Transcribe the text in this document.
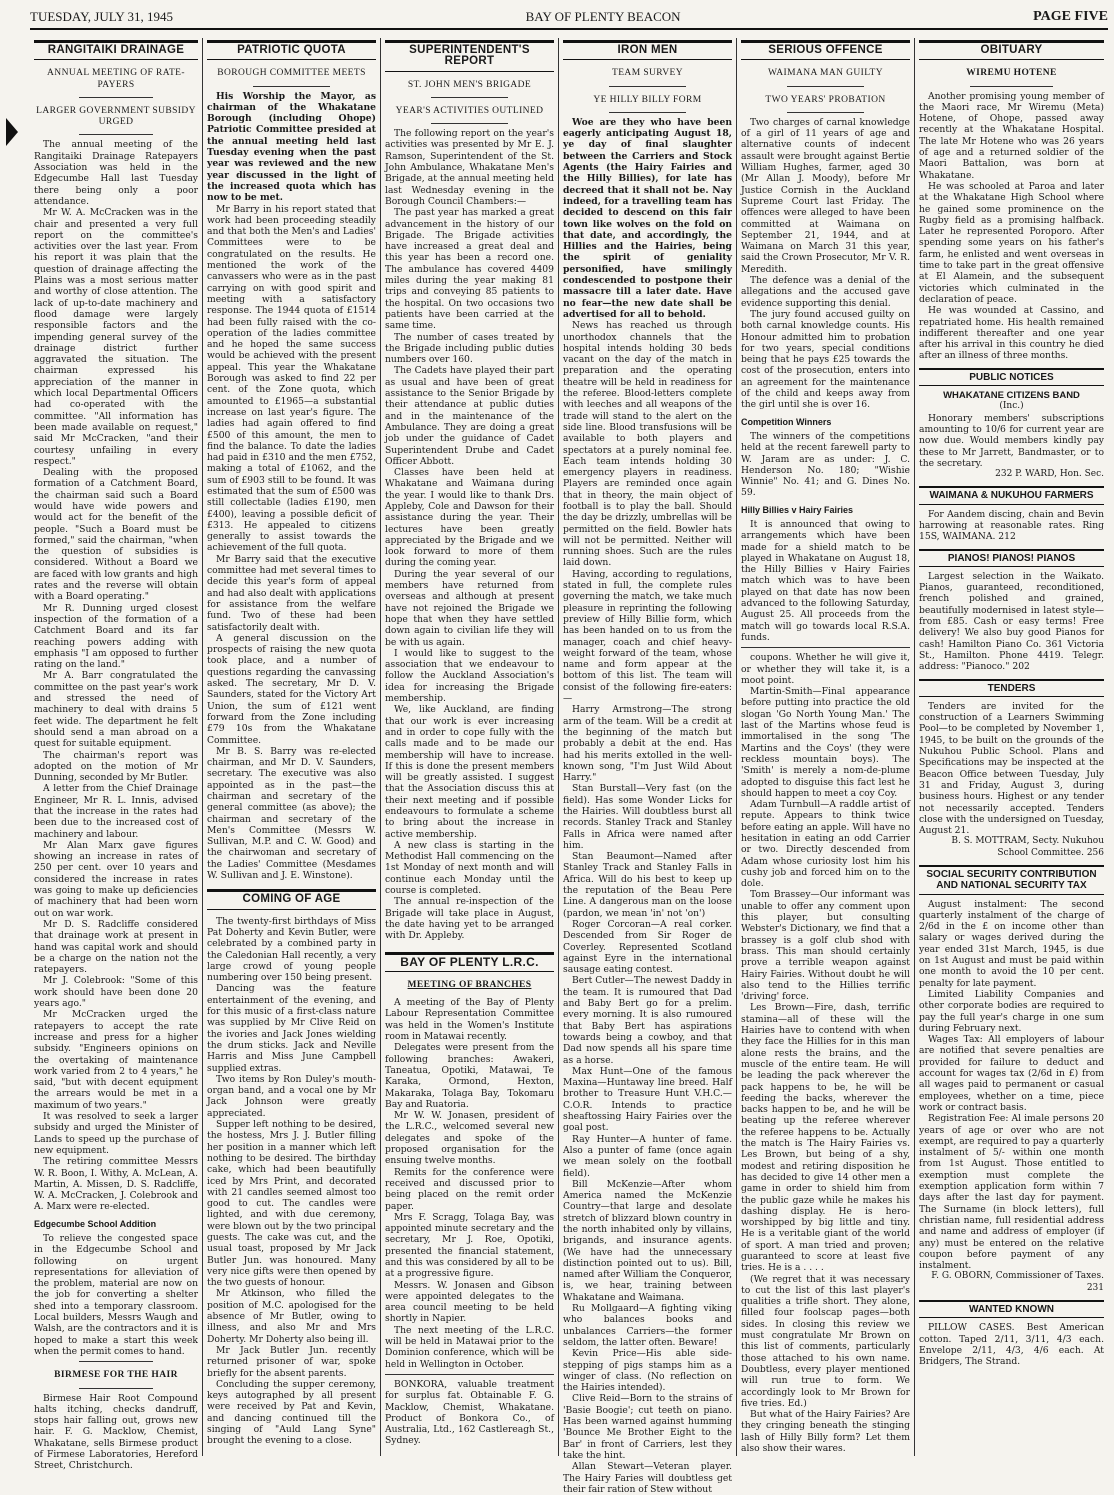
TUESDAY, JULY 31, 1945	BAY OF PLENTY BEACON	PAGE FIVE
RANGITAIKI DRAINAGE
ANNUAL MEETING OF RATE-PAYERS
LARGER GOVERNMENT SUBSIDY URGED

The annual meeting of the Rangitaiki Drainage Ratepayers Association was held in the Edgecumbe Hall last Tuesday there being only a poor attendance.

Mr W. A. McCracken was in the chair and presented a very full report on the committee's activities over the last year. From his report it was plain that the question of drainage affecting the Plains was a most serious matter and worthy of close attention. The lack of up-to-date machinery and flood damage were largely responsible factors and the impending general survey of the drainage district further aggravated the situation. The chairman expressed his appreciation of the manner in which local Departmental Officers had co-operated with the committee. "All information has been made available on request," said Mr McCracken, "and their courtesy unfailing in every respect."

Dealing with the proposed formation of a Catchment Board, the chairman said such a Board would have wide powers and would act for the benefit of the people. "Such a Board must be formed," said the chairman, "when the question of subsidies is considered. Without a Board we are faced with low grants and high rates and the reverse will obtain with a Board operating."

Mr R. Dunning urged closest inspection of the formation of a Catchment Board and its far reaching powers adding with emphasis "I am opposed to further rating on the land."

Mr A. Barr congratulated the committee on the past year's work and stressed the need of machinery to deal with drains 5 feet wide. The department he felt should send a man abroad on a quest for suitable equipment.

The chairman's report was adopted on the motion of Mr Dunning, seconded by Mr Butler.

A letter from the Chief Drainage Engineer, Mr R. L. Innis, advised that the increase in the rates had been due to the increased cost of machinery and labour.

Mr Alan Marx gave figures showing an increase in rates of 250 per cent. over 10 years and considered the increase in rates was going to make up deficiencies of machinery that had been worn out on war work.

Mr D. S. Radcliffe considered that drainage work at present in hand was capital work and should be a charge on the nation not the ratepayers.

Mr J. Colebrook: "Some of this work should have been done 20 years ago."

Mr McCracken urged the ratepayers to accept the rate increase and press for a higher subsidy. "Engineers opinions on the overtaking of maintenance work varied from 2 to 4 years," he said, "but with decent equipment the arrears would be met in a maximum of two years."

It was resolved to seek a larger subsidy and urged the Minister of Lands to speed up the purchase of new equipment.

The retiring committee Messrs W. R. Boon, I. Withy, A. McLean, A. Martin, A. Missen, D. S. Radcliffe, W. A. McCracken, J. Colebrook and A. Marx were re-elected.

Edgecumbe School Addition

To relieve the congested space in the Edgecumbe School and following on urgent representations for alleviation of the problem, material are now on the job for converting a shelter shed into a temporary classroom. Local builders, Messrs Waugh and Walsh, are the contractors and it is hoped to make a start this week when the permit comes to hand.

BIRMESE FOR THE HAIR

Birmese Hair Root Compound halts itching, checks dandruff, stops hair falling out, grows new hair. F. G. Macklow, Chemist, Whakatane, sells Birmese product of Firmese Laboratories, Hereford Street, Christchurch.

PATRIOTIC QUOTA
BOROUGH COMMITTEE MEETS

His Worship the Mayor, as chairman of the Whakatane Borough (including Ohope) Patriotic Committee presided at the annual meeting held last Tuesday evening when the past year was reviewed and the new year discussed in the light of the increased quota which has now to be met.

Mr Barry in his report stated that work had been proceeding steadily and that both the Men's and Ladies' Committees were to be congratulated on the results. He mentioned the work of the canvassers who were as in the past carrying on with good spirit and meeting with a satisfactory response. The 1944 quota of £1514 had been fully raised with the co-operation of the ladies committee and he hoped the same success would be achieved with the present appeal. This year the Whakatane Borough was asked to find 22 per cent. of the Zone quota, which amounted to £1965—a substantial increase on last year's figure. The ladies had again offered to find £500 of this amount, the men to find the balance. To date the ladies had paid in £310 and the men £752, making a total of £1062, and the sum of £903 still to be found. It was estimated that the sum of £500 was still collectable (ladies £190, men £400), leaving a possible deficit of £313. He appealed to citizens generally to assist towards the achievement of the full quota.

Mr Barry said that the executive committee had met several times to decide this year's form of appeal and had also dealt with applications for assistance from the welfare fund. Two of these had been satisfactorily dealt with.

A general discussion on the prospects of raising the new quota took place, and a number of questions regarding the canvassing asked. The secretary, Mr D. V. Saunders, stated for the Victory Art Union, the sum of £121 went forward from the Zone including £79 10s from the Whakatane Committee.

Mr B. S. Barry was re-elected chairman, and Mr D. V. Saunders, secretary. The executive was also appointed as in the past—the chairman and secretary of the general committee (as above); the chairman and secretary of the Men's Committee (Messrs W. Sullivan, M.P. and C. W. Good) and the chairwoman and secretary of the Ladies' Committee (Mesdames W. Sullivan and J. E. Winstone).

COMING OF AGE

The twenty-first birthdays of Miss Pat Doherty and Kevin Butler, were celebrated by a combined party in the Caledonian Hall recently, a very large crowd of young people numbering over 150 being present.

Dancing was the feature entertainment of the evening, and for this music of a first-class nature was supplied by Mr Clive Reid on the ivories and Jack Jones wielding the drum sticks. Jack and Neville Harris and Miss June Campbell supplied extras.

Two items by Ron Duley's mouth-organ band, and a vocal one by Mr Jack Johnson were greatly appreciated.

Supper left nothing to be desired, the hostess, Mrs J. J. Butler filling her position in a manner which left nothing to be desired. The birthday cake, which had been beautifully iced by Mrs Print, and decorated with 21 candles seemed almost too good to cut. The candles were lighted, and with due ceremony, were blown out by the two principal guests. The cake was cut, and the usual toast, proposed by Mr Jack Butler Jun. was honoured. Many very nice gifts were then opened by the two guests of honour.

Mr Atkinson, who filled the position of M.C. apologised for the absence of Mr Butler, owing to illness, and also Mr and Mrs Doherty. Mr Doherty also being ill.

Mr Jack Butler Jun. recently returned prisoner of war, spoke briefly for the absent parents.

Concluding the supper ceremony, keys autographed by all present were received by Pat and Kevin, and dancing continued till the singing of "Auld Lang Syne" brought the evening to a close.

SUPERINTENDENT'S REPORT
ST. JOHN MEN'S BRIGADE
YEAR'S ACTIVITIES OUTLINED

The following report on the year's activities was presented by Mr E. J. Ramson, Superintendent of the St. John Ambulance, Whakatane Men's Brigade, at the annual meeting held last Wednesday evening in the Borough Council Chambers:—

The past year has marked a great advancement in the history of our Brigade. The Brigade activities have increased a great deal and this year has been a record one. The ambulance has covered 4409 miles during the year making 81 trips and conveying 85 patients to the hospital. On two occasions two patients have been carried at the same time.

The number of cases treated by the Brigade including public duties numbers over 160.

The Cadets have played their part as usual and have been of great assistance to the Senior Brigade by their attendance at public duties and in the maintenance of the Ambulance. They are doing a great job under the guidance of Cadet Superintendent Drube and Cadet Officer Abbott.

Classes have been held at Whakatane and Waimana during the year. I would like to thank Drs. Appleby, Cole and Dawson for their assistance during the year. Their lectures have been greatly appreciated by the Brigade and we look forward to more of them during the coming year.

During the year several of our members have returned from overseas and although at present have not rejoined the Brigade we hope that when they have settled down again to civilian life they will be with us again.

I would like to suggest to the association that we endeavour to follow the Auckland Association's idea for increasing the Brigade membership.

We, like Auckland, are finding that our work is ever increasing and in order to cope fully with the calls made and to be made our membership will have to increase. If this is done the present members will be greatly assisted. I suggest that the Association discuss this at their next meeting and if possible endeavours to formulate a scheme to bring about the increase in active membership.

A new class is starting in the Methodist Hall commencing on the 1st Monday of next month and will continue each Monday until the course is completed.

The annual re-inspection of the Brigade will take place in August, the date having yet to be arranged with Dr. Appleby.

BAY OF PLENTY L.R.C.
MEETING OF BRANCHES

A meeting of the Bay of Plenty Labour Representation Committee was held in the Women's Institute room in Matawai recently.

Delegates were present from the following branches: Awakeri, Taneatua, Opotiki, Matawai, Te Karaka, Ormond, Hexton, Makaraka, Tolaga Bay, Tokomaru Bay and Ruatoria.

Mr W. W. Jonasen, president of the L.R.C., welcomed several new delegates and spoke of the proposed organisation for the ensuing twelve months.

Remits for the conference were received and discussed prior to being placed on the remit order paper.

Mrs F. Scragg, Tolaga Bay, was appointed minute secretary and the secretary, Mr J. Roe, Opotiki, presented the financial statement, and this was considered by all to be at a progressive figure.

Messrs. W. Jonasen and Gibson were appointed delegates to the area council meeting to be held shortly in Napier.

The next meeting of the L.R.C. will be held in Matawai prior to the Dominion conference, which will be held in Wellington in October.

BONKORA, valuable treatment for surplus fat. Obtainable F. G. Macklow, Chemist, Whakatane. Product of Bonkora Co., of Australia, Ltd., 162 Castlereagh St., Sydney.

IRON MEN
TEAM SURVEY
YE HILLY BILLY FORM

Woe are they who have been eagerly anticipating August 18, ye day of final slaughter between the Carriers and Stock Agents (the Hairy Fairies and the Hilly Billies), for late has decreed that it shall not be. Nay indeed, for a travelling team has decided to descend on this fair town like wolves on the fold on that date, and accordingly, the Hillies and the Hairies, being the spirit of geniality personified, have smilingly condescended to postpone their massacre till a later date. Have no fear—the new date shall be advertised for all to behold.

News has reached us through unorthodox channels that the hospital intends holding 30 beds vacant on the day of the match in preparation and the operating theatre will be held in readiness for the referee. Blood-letters complete with leeches and all weapons of the trade will stand to the alert on the side line. Blood transfusions will be available to both players and spectators at a purely nominal fee. Each team intends holding 30 emergency players in readiness. Players are reminded once again that in theory, the main object of football is to play the ball. Should the day be drizzly, umbrellas will be permitted on the field. Bowler hats will not be permitted. Neither will running shoes. Such are the rules laid down.

Having, according to regulations, stated in full, the complete rules governing the match, we take much pleasure in reprinting the following preview of Hilly Billie form, which has been handed on to us from the manager, coach and chief heavy-weight forward of the team, whose name and form appear at the bottom of this list. The team will consist of the following fire-eaters:—

Harry Armstrong—The strong arm of the team. Will be a credit at the beginning of the match but probably a debit at the end. Has had his merits extolled in the well-known song, "I'm Just Wild About Harry."

Stan Burstall—Very fast (on the field). Has some Wonder Licks for the Hairies. Will doubtless burst all records. Stanley Track and Stanley Falls in Africa were named after him.

Stan Beaumont—Named after Stanley Track and Stanley Falls in Africa. Will do his best to keep up the reputation of the Beau Pere Line. A dangerous man on the loose (pardon, we mean 'in' not 'on')

Roger Corcoran—A real corker. Descended from Sir Roger de Coverley. Represented Scotland against Eyre in the international sausage eating contest.

Bert Cutler—The newest Daddy in the team. It is rumoured that Dad and Baby Bert go for a prelim. every morning. It is also rumoured that Baby Bert has aspirations towards being a cowboy, and that Dad now spends all his spare time as a horse.

Max Hunt—One of the famous Maxina—Huntaway line breed. Half brother to Treasure Hunt V.H.C.—C.O.R. Intends to practice sheaftossing Hairy Fairies over the goal post.

Ray Hunter—A hunter of fame. Also a punter of fame (once again we mean solely on the football field).

Bill McKenzie—After whom America named the McKenzie Country—that large and desolate stretch of blizzard blown country in the north inhabited only by villains, brigands, and insurance agents. (We have had the unnecessary distinction pointed out to us). Bill, named after William the Conqueror, is, we hear, training between Whakatane and Waimana.

Ru Mollgaard—A fighting viking who balances books and unbalances Carriers—the former seldom, the latter often. Beware!

Kevin Price—His able side-stepping of pigs stamps him as a winger of class. (No reflection on the Hairies intended).

Clive Reid—Born to the strains of 'Basie Boogie'; cut teeth on piano. Has been warned against humming 'Bounce Me Brother Eight to the Bar' in front of Carriers, lest they take the hint.

Allan Stewart—Veteran player. The Hairy Faries will doubtless get their fair ration of Stew without

SERIOUS OFFENCE
WAIMANA MAN GUILTY
TWO YEARS' PROBATION

Two charges of carnal knowledge of a girl of 11 years of age and alternative counts of indecent assault were brought against Bertie William Hughes, farmer, aged 30 (Mr Allan J. Moody), before Mr Justice Cornish in the Auckland Supreme Court last Friday. The offences were alleged to have been committed at Waimana on September 21, 1944, and at Waimana on March 31 this year, said the Crown Prosecutor, Mr V. R. Meredith.

The defence was a denial of the allegations and the accused gave evidence supporting this denial.

The jury found accused guilty on both carnal knowledge counts. His Honour admitted him to probation for two years, special conditions being that he pays £25 towards the cost of the prosecution, enters into an agreement for the maintenance of the child and keeps away from the girl until she is over 16.

Competition Winners

The winners of the competitions held at the recent farewell party to W. Jaram are as under: J. C. Henderson No. 180; "Wishie Winnie" No. 41; and G. Dines No. 59.

Hilly Billies v Hairy Fairies

It is announced that owing to arrangements which have been made for a shield match to be played in Whakatane on August 18, the Hilly Billies v Hairy Fairies match which was to have been played on that date has now been advanced to the following Saturday, August 25. All proceeds from the match will go towards local R.S.A. funds.

coupons. Whether he will give it, or whether they will take it, is a moot point.

Martin-Smith—Final appearance before putting into practice the old slogan 'Go North Young Man.' The last of the Martins whose feud is immortalised in the song 'The Martins and the Coys' (they were reckless mountain boys). The 'Smith' is merely a nom-de-plume adopted to disguise this fact lest he should happen to meet a coy Coy.

Adam Turnbull—A raddle artist of repute. Appears to think twice before eating an apple. Will have no hesitation in eating an odd Carrier or two. Directly descended from Adam whose curiosity lost him his cushy job and forced him on to the dole.

Tom Brassey—Our informant was unable to offer any comment upon this player, but consulting Webster's Dictionary, we find that a brassey is a golf club shod with brass. This man should certainly prove a terrible weapon against Hairy Fairies. Without doubt he will also tend to the Hillies terrific 'driving' force.

Les Brown—Fire, dash, terrific stamina—all of these will the Hairies have to contend with when they face the Hillies for in this man alone rests the brains, and the muscle of the entire team. He will be leading the pack wherever the pack happens to be, he will be feeding the backs, wherever the backs happen to be, and he will be beating up the referee wherever the referee happens to be. Actually the match is The Hairy Fairies vs. Les Brown, but being of a shy, modest and retiring disposition he has decided to give 14 other men a game in order to shield him from the public gaze while he makes his dashing display. He is hero-worshipped by big little and tiny. He is a veritable giant of the world of sport. A man tried and proven; guaranteed to score at least five tries. He is a . . . .

(We regret that it was necessary to cut the list of this last player's qualities a trifle short. They alone, filled four foolscap pages—both sides. In closing this review we must congratulate Mr Brown on this list of comments, particularly those attached to his own name. Doubtless, every player mentioned will run true to form. We accordingly look to Mr Brown for five tries. Ed.)

But what of the Hairy Fairies? Are they cringing beneath the stinging lash of Hilly Billy form? Let them also show their wares.

OBITUARY
WIREMU HOTENE

Another promising young member of the Maori race, Mr Wiremu (Meta) Hotene, of Ohope, passed away recently at the Whakatane Hospital. The late Mr Hotene who was 26 years of age and a returned soldier of the Maori Battalion, was born at Whakatane.

He was schooled at Paroa and later at the Whakatane High School where he gained some prominence on the Rugby field as a promising halfback. Later he represented Poroporo. After spending some years on his father's farm, he enlisted and went overseas in time to take part in the great offensive at El Alamein, and the subsequent victories which culminated in the declaration of peace.

He was wounded at Cassino, and repatriated home. His health remained indifferent thereafter and one year after his arrival in this country he died after an illness of three months.

PUBLIC NOTICES
WHAKATANE CITIZENS BAND
(Inc.)

Honorary members' subscriptions amounting to 10/6 for current year are now due. Would members kindly pay these to Mr Jarrett, Bandmaster, or to the secretary.

232 P. WARD, Hon. Sec.

WAIMANA & NUKUHOU FARMERS

For Aandem discing, chain and Bevin harrowing at reasonable rates. Ring 15S, WAIMANA. 212

PIANOS! PIANOS! PIANOS

Largest selection in the Waikato. Pianos, guaranteed, reconditioned, french polished and grained, beautifully modernised in latest style—from £85. Cash or easy terms! Free delivery! We also buy good Pianos for cash! Hamilton Piano Co. 361 Victoria St., Hamilton. Phone 4419. Telegr. address: "Pianoco." 202

TENDERS

Tenders are invited for the construction of a Learners Swimming Pool—to be completed by November 1, 1945, to be built on the grounds of the Nukuhou Public School. Plans and Specifications may be inspected at the Beacon Office between Tuesday, July 31 and Friday, August 3, during business hours. Highest or any tender not necessarily accepted. Tenders close with the undersigned on Tuesday, August 21.

B. S. MOTTRAM, Secty. Nukuhou School Committee. 256

SOCIAL SECURITY CONTRIBUTION AND NATIONAL SECURITY TAX

August instalment: The second quarterly instalment of the charge of 2/6d in the £ on income other than salary or wages derived during the year ended 31st March, 1945, is due on 1st August and must be paid within one month to avoid the 10 per cent. penalty for late payment.

Limited Liability Companies and other corporate bodies are required to pay the full year's charge in one sum during February next.

Wages Tax: All employers of labour are notified that severe penalties are provided for failure to deduct and account for wages tax (2/6d in £) from all wages paid to permanent or casual employees, whether on a time, piece work or contract basis.

Registration Fee: Al imale persons 20 years of age or over who are not exempt, are required to pay a quarterly instalment of 5/- within one month from 1st August. Those entitled to exemption must complete the exemption application form within 7 days after the last day for payment. The Surname (in block letters), full christian name, full residential address and name and address of employer (if any) must be entered on the relative coupon before payment of any instalment.

F. G. OBORN, Commissioner of Taxes. 231

WANTED KNOWN

PILLOW CASES. Best American cotton. Taped 2/11, 3/11, 4/3 each. Envelope 2/11, 4/3, 4/6 each. At Bridgers, The Strand.
